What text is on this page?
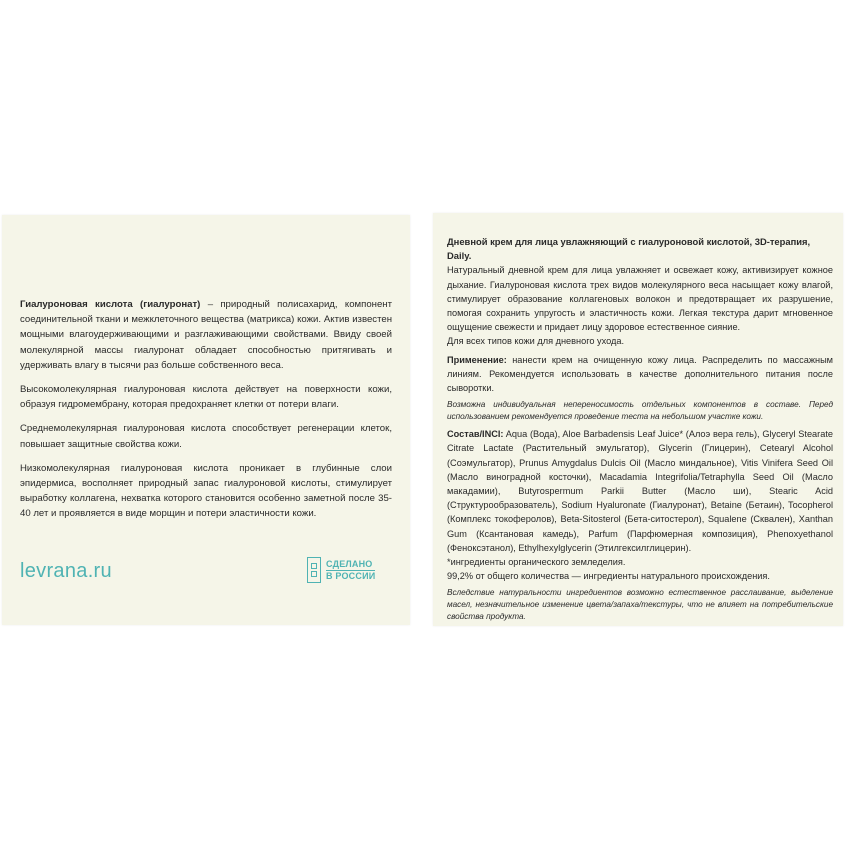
Гиалуроновая кислота (гиалуронат) – природный полисахарид, компонент соединительной ткани и межклеточного вещества (матрикса) кожи. Актив известен мощными влагоудерживающими и разглаживающими свойствами. Ввиду своей молекулярной массы гиалуронат обладает способностью притягивать и удерживать влагу в тысячи раз больше собственного веса.

Высокомолекулярная гиалуроновая кислота действует на поверхности кожи, образуя гидромембрану, которая предохраняет клетки от потери влаги.

Среднемолекулярная гиалуроновая кислота способствует регенерации клеток, повышает защитные свойства кожи.

Низкомолекулярная гиалуроновая кислота проникает в глубинные слои эпидермиса, восполняет природный запас гиалуроновой кислоты, стимулирует выработку коллагена, нехватка которого становится особенно заметной после 35-40 лет и проявляется в виде морщин и потери эластичности кожи.

levrana.ru	СДЕЛАНО
В РОССИИ

Дневной крем для лица увлажняющий с гиалуроновой кислотой, 3D-терапия, Daily.

Натуральный дневной крем для лица увлажняет и освежает кожу, активизирует кожное дыхание. Гиалуроновая кислота трех видов молекулярного веса насыщает кожу влагой, стимулирует образование коллагеновых волокон и предотвращает их разрушение, помогая сохранить упругость и эластичность кожи. Легкая текстура дарит мгновенное ощущение свежести и придает лицу здоровое естественное сияние.

Для всех типов кожи для дневного ухода.

Применение: нанести крем на очищенную кожу лица. Распределить по массажным линиям. Рекомендуется использовать в качестве дополнительного питания после сыворотки.

Возможна индивидуальная непереносимость отдельных компонентов в составе. Перед использованием рекомендуется проведение теста на небольшом участке кожи.

Состав/INCI: Aqua (Вода), Aloe Barbadensis Leaf Juice* (Алоэ вера гель), Glyceryl Stearate Citrate Lactate (Растительный эмульгатор), Glycerin (Глицерин), Cetearyl Alcohol (Соэмульгатор), Prunus Amygdalus Dulcis Oil (Масло миндальное), Vitis Vinifera Seed Oil (Масло виноградной косточки), Macadamia Integrifolia/Tetraphylla Seed Oil (Масло макадамии), Butyrospermum Parkii Butter (Масло ши), Stearic Acid (Структурообразователь), Sodium Hyaluronate (Гиалуронат), Betaine (Бетаин), Tocopherol (Комплекс токоферолов), Beta-Sitosterol (Бета-ситостерол), Squalene (Сквален), Xanthan Gum (Ксантановая камедь), Parfum (Парфюмерная композиция), Phenoxyethanol (Феноксэтанол), Ethylhexylglycerin (Этилгексилглицерин).

*ингредиенты органического земледелия.

99,2% от общего количества — ингредиенты натурального происхождения.

Вследствие натуральности ингредиентов возможно естественное расслаивание, выделение масел, незначительное изменение цвета/запаха/текстуры, что не влияет на потребительские свойства продукта.
